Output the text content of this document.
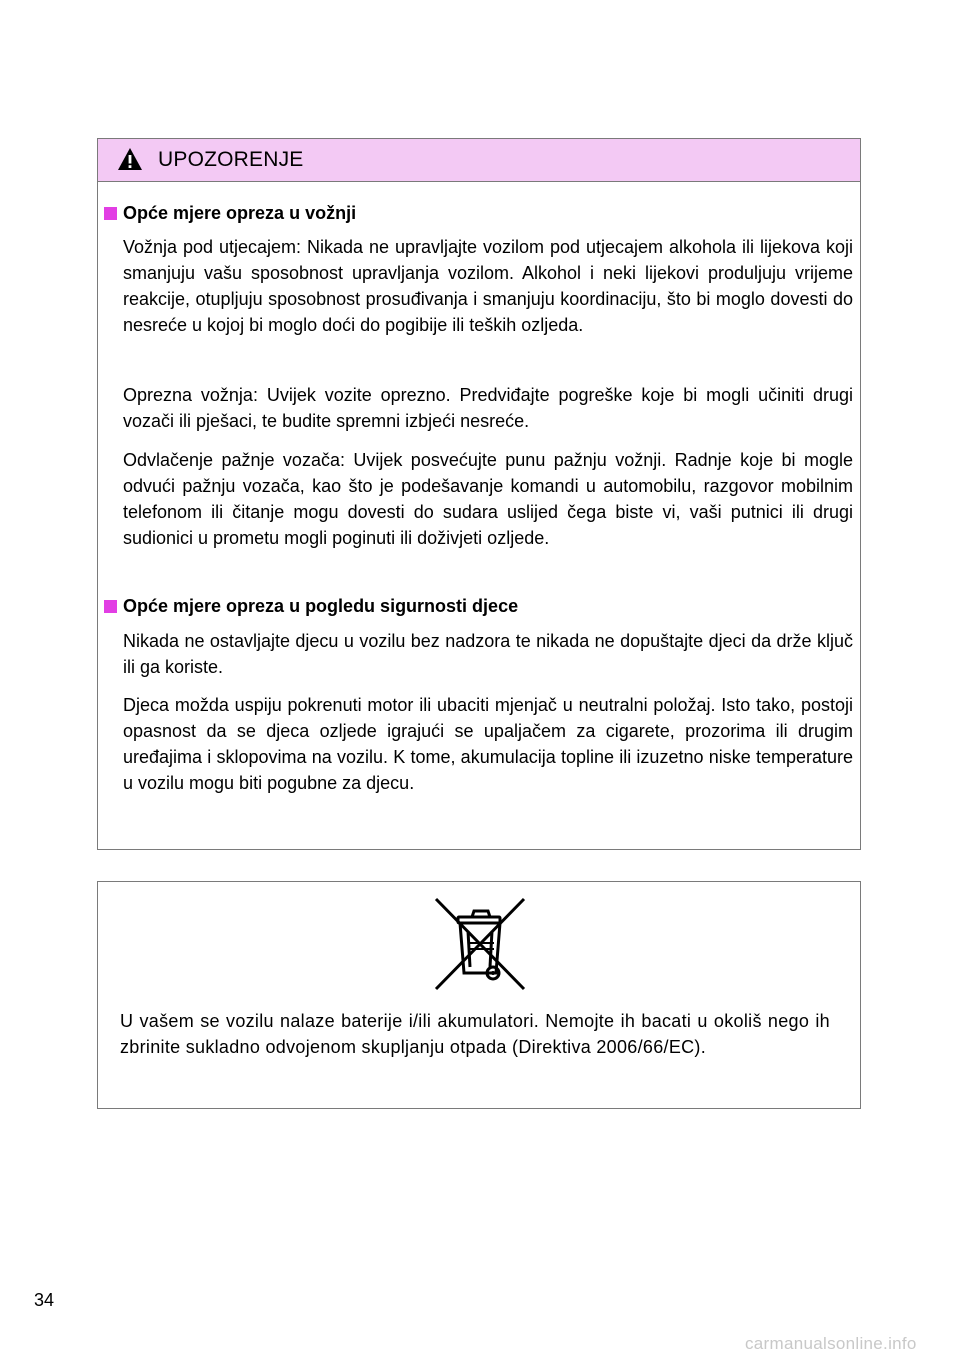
UPOZORENJE
Opće mjere opreza u vožnji

Vožnja pod utjecajem: Nikada ne upravljajte vozilom pod utjecajem alkohola ili lijekova koji smanjuju vašu sposobnost upravljanja vozilom. Alkohol i neki lijekovi produljuju vrijeme reakcije, otupljuju sposobnost prosuđivanja i smanjuju koordinaciju, što bi moglo dovesti do nesreće u kojoj bi moglo doći do pogibije ili teških ozljeda.

Oprezna vožnja: Uvijek vozite oprezno. Predviđajte pogreške koje bi mogli učiniti drugi vozači ili pješaci, te budite spremni izbjeći nesreće.

Odvlačenje pažnje vozača: Uvijek posvećujte punu pažnju vožnji. Radnje koje bi mogle odvući pažnju vozača, kao što je podešavanje komandi u automobilu, razgovor mobilnim telefonom ili čitanje mogu dovesti do sudara uslijed čega biste vi, vaši putnici ili drugi sudionici u prometu mogli poginuti ili doživjeti ozljede.

Opće mjere opreza u pogledu sigurnosti djece

Nikada ne ostavljajte djecu u vozilu bez nadzora te nikada ne dopuštajte djeci da drže ključ ili ga koriste.

Djeca možda uspiju pokrenuti motor ili ubaciti mjenjač u neutralni položaj. Isto tako, postoji opasnost da se djeca ozljede igrajući se upaljačem za cigarete, prozorima ili drugim uređajima i sklopovima na vozilu. K tome, akumulacija topline ili izuzetno niske temperature u vozilu mogu biti pogubne za djecu.

U vašem se vozilu nalaze baterije i/ili akumulatori. Nemojte ih bacati u okoliš nego ih zbrinite sukladno odvojenom skupljanju otpada (Direktiva 2006/66/EC).

34
carmanualsonline.info
